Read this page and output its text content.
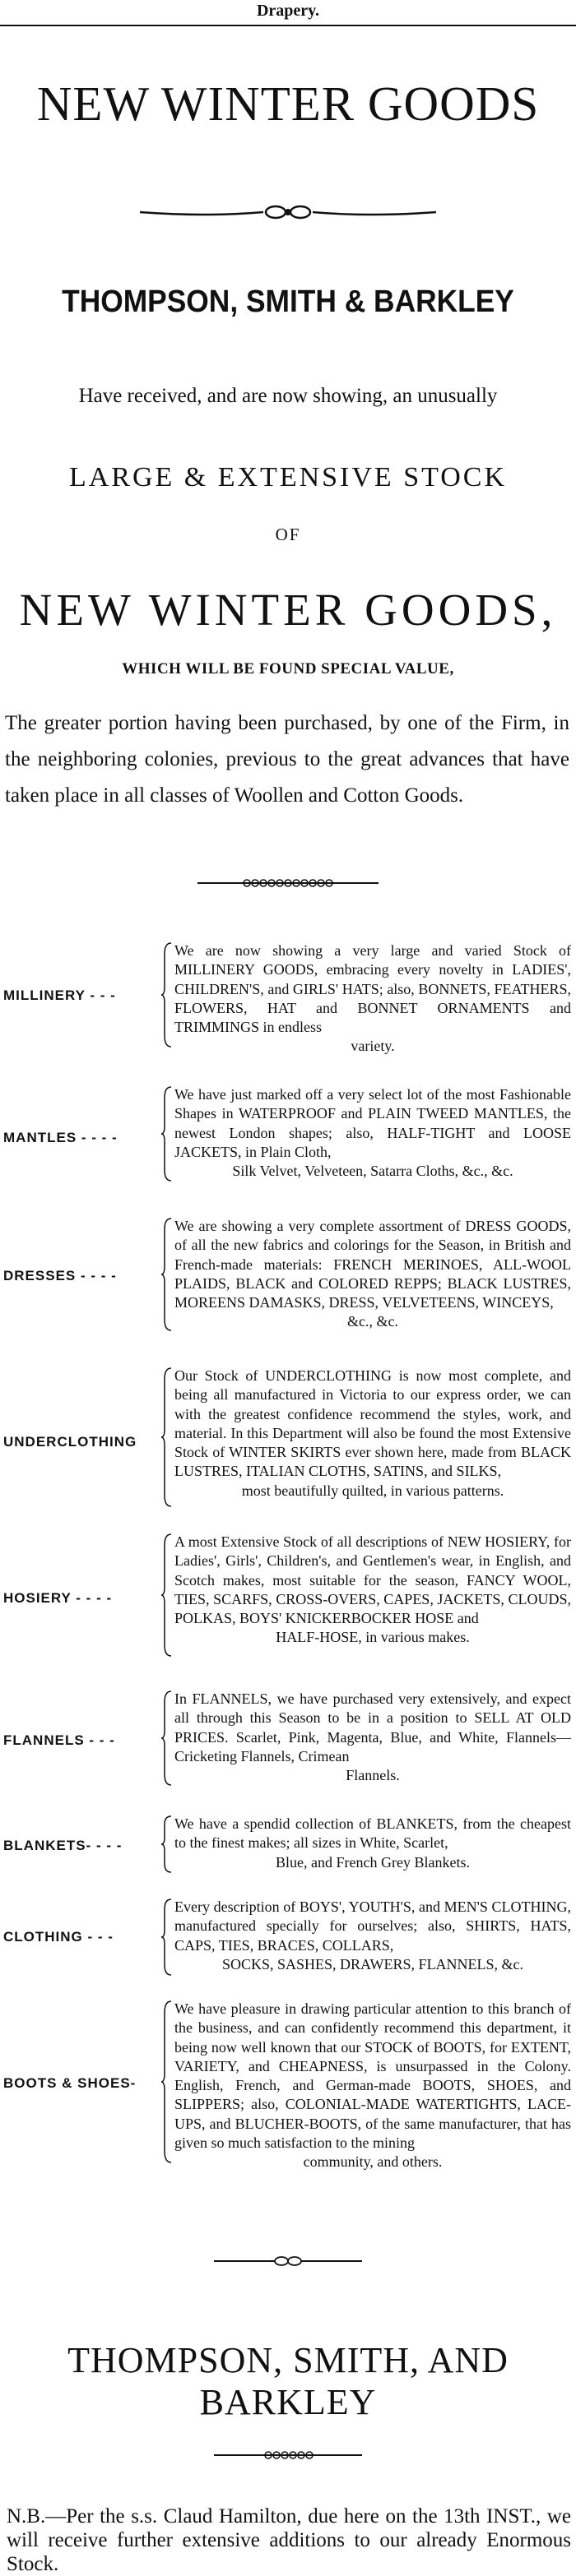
Drapery.
NEW WINTER GOODS
THOMPSON, SMITH & BARKLEY
Have received, and are now showing, an unusually
LARGE & EXTENSIVE STOCK
OF
NEW WINTER GOODS,
WHICH WILL BE FOUND SPECIAL VALUE,
The greater portion having been purchased, by one of the Firm, in the neighboring colonies, previous to the great advances that have taken place in all classes of Woollen and Cotton Goods.
MILLINERY - - -
We are now showing a very large and varied Stock of MILLINERY GOODS, embracing every novelty in LADIES', CHILDREN'S, and GIRLS' HATS; also, BONNETS, FEATHERS, FLOWERS, HAT and BONNET ORNAMENTS and TRIMMINGS in endless
variety.
MANTLES - - - -
We have just marked off a very select lot of the most Fashionable Shapes in WATERPROOF and PLAIN TWEED MANTLES, the newest London shapes; also, HALF-TIGHT and LOOSE JACKETS, in Plain Cloth,
Silk Velvet, Velveteen, Satarra Cloths, &c., &c.
DRESSES - - - -
We are showing a very complete assortment of DRESS GOODS, of all the new fabrics and colorings for the Season, in British and French-made materials: FRENCH MERINOES, ALL-WOOL PLAIDS, BLACK and COLORED REPPS; BLACK LUSTRES, MOREENS DAMASKS, DRESS, VELVETEENS, WINCEYS,
&c., &c.
UNDERCLOTHING
Our Stock of UNDERCLOTHING is now most complete, and being all manufactured in Victoria to our express order, we can with the greatest confidence recommend the styles, work, and material. In this Department will also be found the most Extensive Stock of WINTER SKIRTS ever shown here, made from BLACK LUSTRES, ITALIAN CLOTHS, SATINS, and SILKS,
most beautifully quilted, in various patterns.
HOSIERY - - - -
A most Extensive Stock of all descriptions of NEW HOSIERY, for Ladies', Girls', Children's, and Gentlemen's wear, in English, and Scotch makes, most suitable for the season, FANCY WOOL, TIES, SCARFS, CROSS-OVERS, CAPES, JACKETS, CLOUDS, POLKAS, BOYS' KNICKERBOCKER HOSE and
HALF-HOSE, in various makes.
FLANNELS - - -
In FLANNELS, we have purchased very extensively, and expect all through this Season to be in a position to SELL AT OLD PRICES. Scarlet, Pink, Magenta, Blue, and White, Flannels—Cricketing Flannels, Crimean
Flannels.
BLANKETS- - - -
We have a spendid collection of BLANKETS, from the cheapest to the finest makes; all sizes in White, Scarlet,
Blue, and French Grey Blankets.
CLOTHING - - -
Every description of BOYS', YOUTH'S, and MEN'S CLOTHING, manufactured specially for ourselves; also, SHIRTS, HATS, CAPS, TIES, BRACES, COLLARS,
SOCKS, SASHES, DRAWERS, FLANNELS, &c.
BOOTS & SHOES-
We have pleasure in drawing particular attention to this branch of the business, and can confidently recommend this department, it being now well known that our STOCK of BOOTS, for EXTENT, VARIETY, and CHEAPNESS, is unsurpassed in the Colony. English, French, and German-made BOOTS, SHOES, and SLIPPERS; also, COLONIAL-MADE WATERTIGHTS, LACE-UPS, and BLUCHER-BOOTS, of the same manufacturer, that has given so much satisfaction to the mining
community, and others.
THOMPSON, SMITH, AND BARKLEY
N.B.—Per the s.s. Claud Hamilton, due here on the 13th INST., we will receive further extensive additions to our already Enormous Stock.
